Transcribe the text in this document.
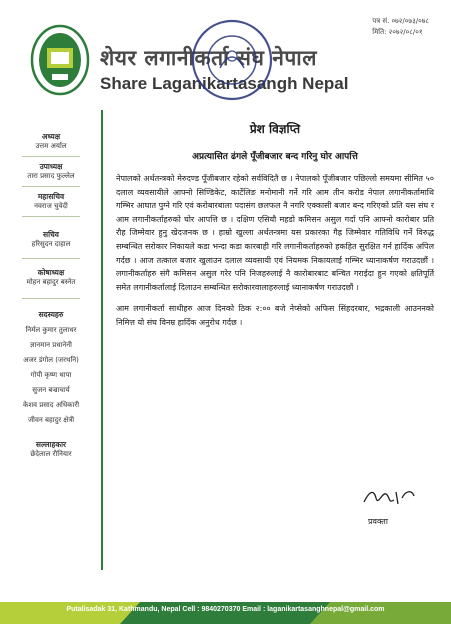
शेयर लगानीकर्ता संघ नेपाल
Share Laganikartasangh Nepal
पत्र सं. ०७२/०७३/०७८
मिति: २०७२/०८/०१
अध्यक्ष
उत्तम अर्याल
उपाध्यक्ष
तारा प्रसाद फुल्लेल
महासचिव
नवराज चुवेदी
सचिव
हरिसुदन दाहाल
कोषाध्यक्ष
मोहन बहादुर बस्नेत
सदस्यहरु
निर्मल कुमार तुलाधर
ज्ञानमान प्रधानेनी
अजर डंगोल (जरथनि)
गोपी कृष्ण थापा
सुजन बज्राचार्य
केशव प्रसाद अधिकारी
जीवन बहादुर क्षेत्री
सल्लाहकार
छेदेलाल रौनियार
प्रेश विज्ञप्ति
अप्रत्यासित ढंगले पूँजीबजार बन्द गरिनु घोर आपत्ति

नेपालको अर्थतन्त्रको मेरुदण्ड पूँजीबजार रहेको सर्वविदितै छ । नेपालको पूँजीबजार पछिल्लो समयमा सीमित ५० दलाल व्यवसायीले आफ्नो सिण्डिकेट, कार्टेलिङ मनोमानी गर्ने गरि आम तीन करोड नेपाल लगानीकर्तामाथि गम्भिर आघात पुग्ने गरि एवं करोबारबाला पदासंग छलफल नै नगरि एक्कासी बजार बन्द गरिएको प्रति यस संघ र आम लगानीकर्ताहरुको घोर आपत्ति छ । दक्षिण एसियौ महडो कमिसन असुल गर्दा पनि आफ्नो कारोबार प्रति रौह जिम्मेवार हुनु खेदजनक छ । हाम्रो खुल्ला अर्थतन्त्रमा यस प्रकारका गैह्र जिम्मेवार गतिविधि गर्ने विरुद्ध सम्बन्धित सरोकार निकायले कडा भन्दा कडा कारबाही गरि लगानीकर्ताहरुको हकहित सुरक्षित गर्न हार्दिक अपिल गर्दछ । आज तत्काल बजार खुलाउन दलाल व्यवसायी एवं नियमक निकायलाई गम्भिर ध्यानाकर्षण गराउदछौं । लगानीकर्ताहरु संगै कमिसन असुल गरेर पनि निजहरुलाई नै कारोबारबाट बन्चित गराईदा हुन गएको क्षतिपूर्ति समेत लगानीकर्तालाई दिलाउन सम्बन्धित सरोकारवालाहरुलाई ध्यानाकर्षण गराउदछौं ।

आम लगानीकर्ता साथीहरु आज दिनको ठिक २:०० बजे नेप्सेको अफिस सिंहदरबार, भद्रकाली आउननको निमित्त यो संघ विनम्र हार्दिक अनुरोध गर्दछ ।

प्रवक्ता
Putalisadak 31, Kathmandu, Nepal Cell : 9840270370 Email : laganikartasanghnepal@gmail.com
